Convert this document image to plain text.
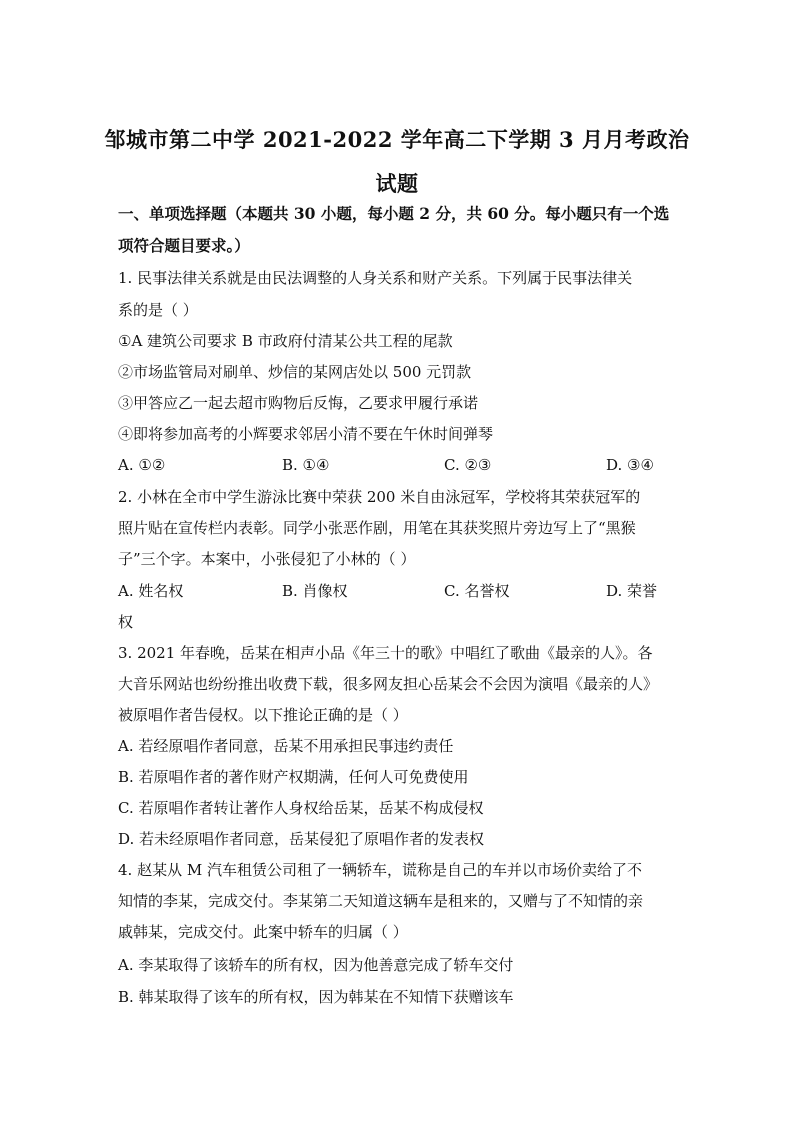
邹城市第二中学 2021-2022 学年高二下学期 3 月月考政治
试题
一、单项选择题（本题共 30 小题，每小题 2 分，共 60 分。每小题只有一个选
项符合题目要求。）
1. 民事法律关系就是由民法调整的人身关系和财产关系。下列属于民事法律关
系的是（ ）
①A 建筑公司要求 B 市政府付清某公共工程的尾款
②市场监管局对刷单、炒信的某网店处以 500 元罚款
③甲答应乙一起去超市购物后反悔，乙要求甲履行承诺
④即将参加高考的小辉要求邻居小清不要在午休时间弹琴
A. ①②	B. ①④	C. ②③	D. ③④
2. 小林在全市中学生游泳比赛中荣获 200 米自由泳冠军，学校将其荣获冠军的
照片贴在宣传栏内表彰。同学小张恶作剧，用笔在其获奖照片旁边写上了“黑猴
子”三个字。本案中，小张侵犯了小林的（ ）
A. 姓名权	B. 肖像权	C. 名誉权	D. 荣誉
权
3. 2021 年春晚，岳某在相声小品《年三十的歌》中唱红了歌曲《最亲的人》。各
大音乐网站也纷纷推出收费下载，很多网友担心岳某会不会因为演唱《最亲的人》
被原唱作者告侵权。以下推论正确的是（ ）
A. 若经原唱作者同意，岳某不用承担民事违约责任
B. 若原唱作者的著作财产权期满，任何人可免费使用
C. 若原唱作者转让著作人身权给岳某，岳某不构成侵权
D. 若未经原唱作者同意，岳某侵犯了原唱作者的发表权
4. 赵某从 M 汽车租赁公司租了一辆轿车，谎称是自己的车并以市场价卖给了不
知情的李某，完成交付。李某第二天知道这辆车是租来的，又赠与了不知情的亲
戚韩某，完成交付。此案中轿车的归属（ ）
A. 李某取得了该轿车的所有权，因为他善意完成了轿车交付
B. 韩某取得了该车的所有权，因为韩某在不知情下获赠该车
